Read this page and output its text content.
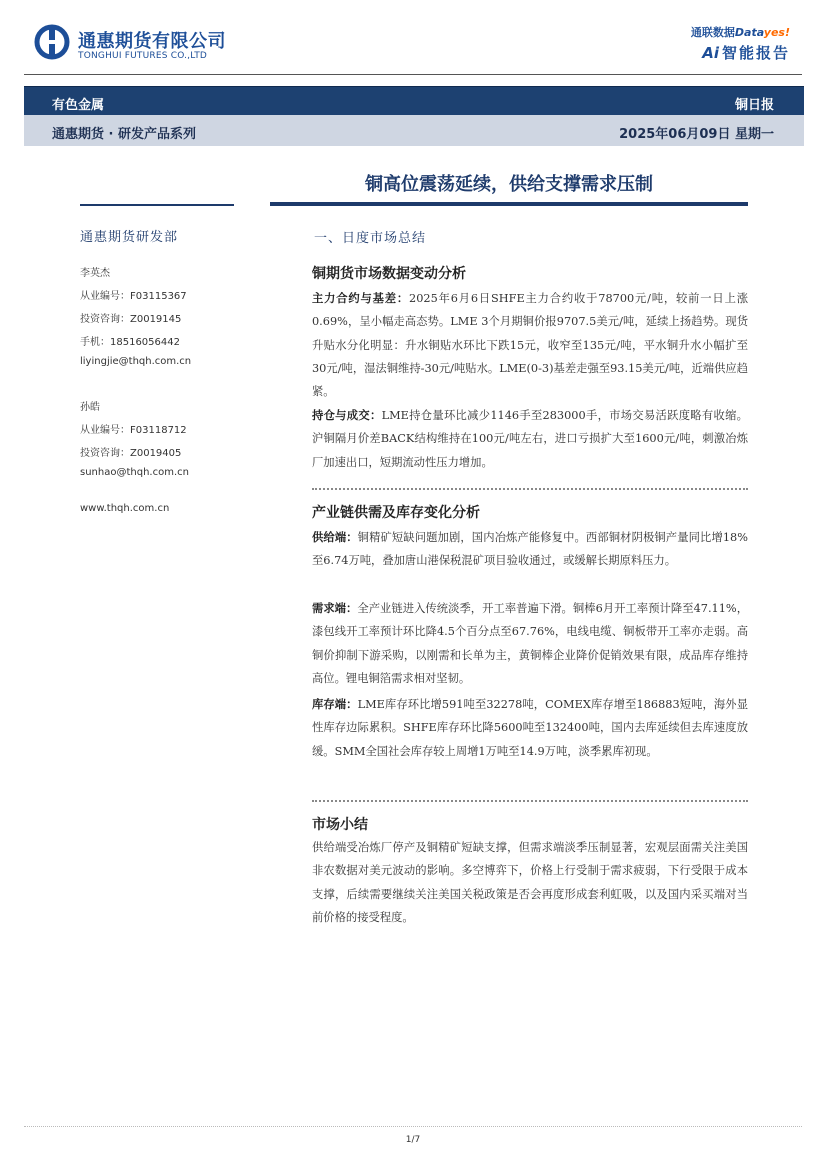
通惠期货有限公司
TONGHUI FUTURES CO.,LTD
通联数据Datayes!
Ai 智能报告
有色金属	铜日报
通惠期货 · 研发产品系列	2025年06月09日 星期一
铜高位震荡延续，供给支撑需求压制
通惠期货研发部
李英杰
从业编号：F03115367
投资咨询：Z0019145
手机：18516056442
liyingjie@thqh.com.cn
孙皓
从业编号：F03118712
投资咨询：Z0019405
sunhao@thqh.com.cn
www.thqh.com.cn
一、日度市场总结
铜期货市场数据变动分析

主力合约与基差：2025年6月6日SHFE主力合约收于78700元/吨，较前一日上涨0.69%，呈小幅走高态势。LME 3个月期铜价报9707.5美元/吨，延续上扬趋势。现货升贴水分化明显：升水铜贴水环比下跌15元，收窄至135元/吨，平水铜升水小幅扩至30元/吨，湿法铜维持-30元/吨贴水。LME(0-3)基差走强至93.15美元/吨，近端供应趋紧。

持仓与成交：LME持仓量环比减少1146手至283000手，市场交易活跃度略有收缩。沪铜隔月价差BACK结构维持在100元/吨左右，进口亏损扩大至1600元/吨，刺激冶炼厂加速出口，短期流动性压力增加。

产业链供需及库存变化分析

供给端：铜精矿短缺问题加剧，国内冶炼产能修复中。西部铜材阴极铜产量同比增18%至6.74万吨，叠加唐山港保税混矿项目验收通过，或缓解长期原料压力。

需求端：全产业链进入传统淡季，开工率普遍下滑。铜棒6月开工率预计降至47.11%，漆包线开工率预计环比降4.5个百分点至67.76%，电线电缆、铜板带开工率亦走弱。高铜价抑制下游采购，以刚需和长单为主，黄铜棒企业降价促销效果有限，成品库存维持高位。锂电铜箔需求相对坚韧。

库存端：LME库存环比增591吨至32278吨，COMEX库存增至186883短吨，海外显性库存边际累积。SHFE库存环比降5600吨至132400吨，国内去库延续但去库速度放缓。SMM全国社会库存较上周增1万吨至14.9万吨，淡季累库初现。

市场小结

供给端受冶炼厂停产及铜精矿短缺支撑，但需求端淡季压制显著，宏观层面需关注美国非农数据对美元波动的影响。多空博弈下，价格上行受制于需求疲弱，下行受限于成本支撑，后续需要继续关注美国关税政策是否会再度形成套利虹吸，以及国内采买端对当前价格的接受程度。

1/7
